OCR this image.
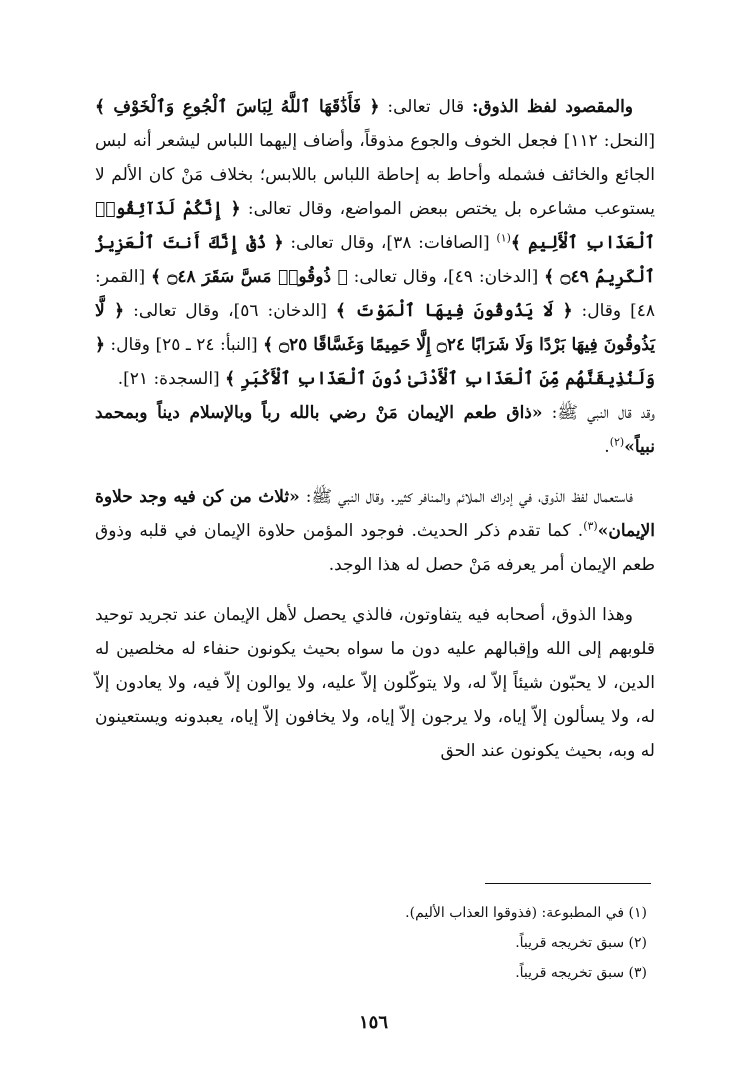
والمقصود لفظ الذوق: قال تعالى: ﴿ فَأَذَٰقَهَا ٱللَّهُ لِبَاسَ ٱلْجُوعِ وَٱلْخَوْفِ ﴾ [النحل: ١١٢] فجعل الخوف والجوع مذوقاً، وأضاف إليهما اللباس ليشعر أنه لبس الجائع والخائف فشمله وأحاط به إحاطة اللباس باللابس؛ بخلاف مَنْ كان الألم لا يستوعب مشاعره بل يختص ببعض المواضع، وقال تعالى: ﴿ إِنَّكُمْ لَذَآئِقُوا۟ ٱلْعَذَابِ ٱلْأَلِيمِ ﴾$^{(١)}$ [الصافات: ٣٨]، وقال تعالى: ﴿ ذُقْ إِنَّكَ أَنتَ ٱلْعَزِيزُ ٱلْكَرِيمُ ۝٤٩ ﴾ [الدخان: ٤٩]، وقال تعالى: ﴿ ذُوقُوا۟ مَسَّ سَقَرَ ۝٤٨ ﴾ [القمر: ٤٨] وقال: ﴿ لَا يَذُوقُونَ فِيهَا ٱلْمَوْتَ ﴾ [الدخان: ٥٦]، وقال تعالى: ﴿ لَّا يَذُوقُونَ فِيهَا بَرْدًا وَلَا شَرَابًا ۝٢٤ إِلَّا حَمِيمًا وَغَسَّاقًا ۝٢٥ ﴾ [النبأ: ٢٤ ـ ٢٥] وقال: ﴿ وَلَنُذِيقَنَّهُم مِّنَ ٱلْعَذَابِ ٱلْأَدْنَىٰ دُونَ ٱلْعَذَابِ ٱلْأَكْبَرِ ﴾ [السجدة: ٢١].

وقد قال النبي ﷺ: «ذاق طعم الإيمان مَنْ رضي بالله رباً وبالإسلام ديناً وبمحمد نبياً»$^{(٢)}$.

فاستعمال لفظ الذوق، في إدراك الملائم والمنافر كثير. وقال النبي ﷺ: «ثلاث من كن فيه وجد حلاوة الإيمان»$^{(٣)}$. كما تقدم ذكر الحديث. فوجود المؤمن حلاوة الإيمان في قلبه وذوق طعم الإيمان أمر يعرفه مَنْ حصل له هذا الوجد.

وهذا الذوق، أصحابه فيه يتفاوتون، فالذي يحصل لأهل الإيمان عند تجريد توحيد قلوبهم إلى الله وإقبالهم عليه دون ما سواه بحيث يكونون حنفاء له مخلصين له الدين، لا يحبّون شيئاً إلاّ له، ولا يتوكّلون إلاّ عليه، ولا يوالون إلاّ فيه، ولا يعادون إلاّ له، ولا يسألون إلاّ إياه، ولا يرجون إلاّ إياه، ولا يخافون إلاّ إياه، يعبدونه ويستعينون له وبه، بحيث يكونون عند الحق

(١) في المطبوعة: (فذوقوا العذاب الأليم).
(٢) سبق تخريجه قريباً.
(٣) سبق تخريجه قريباً.
١٥٦
